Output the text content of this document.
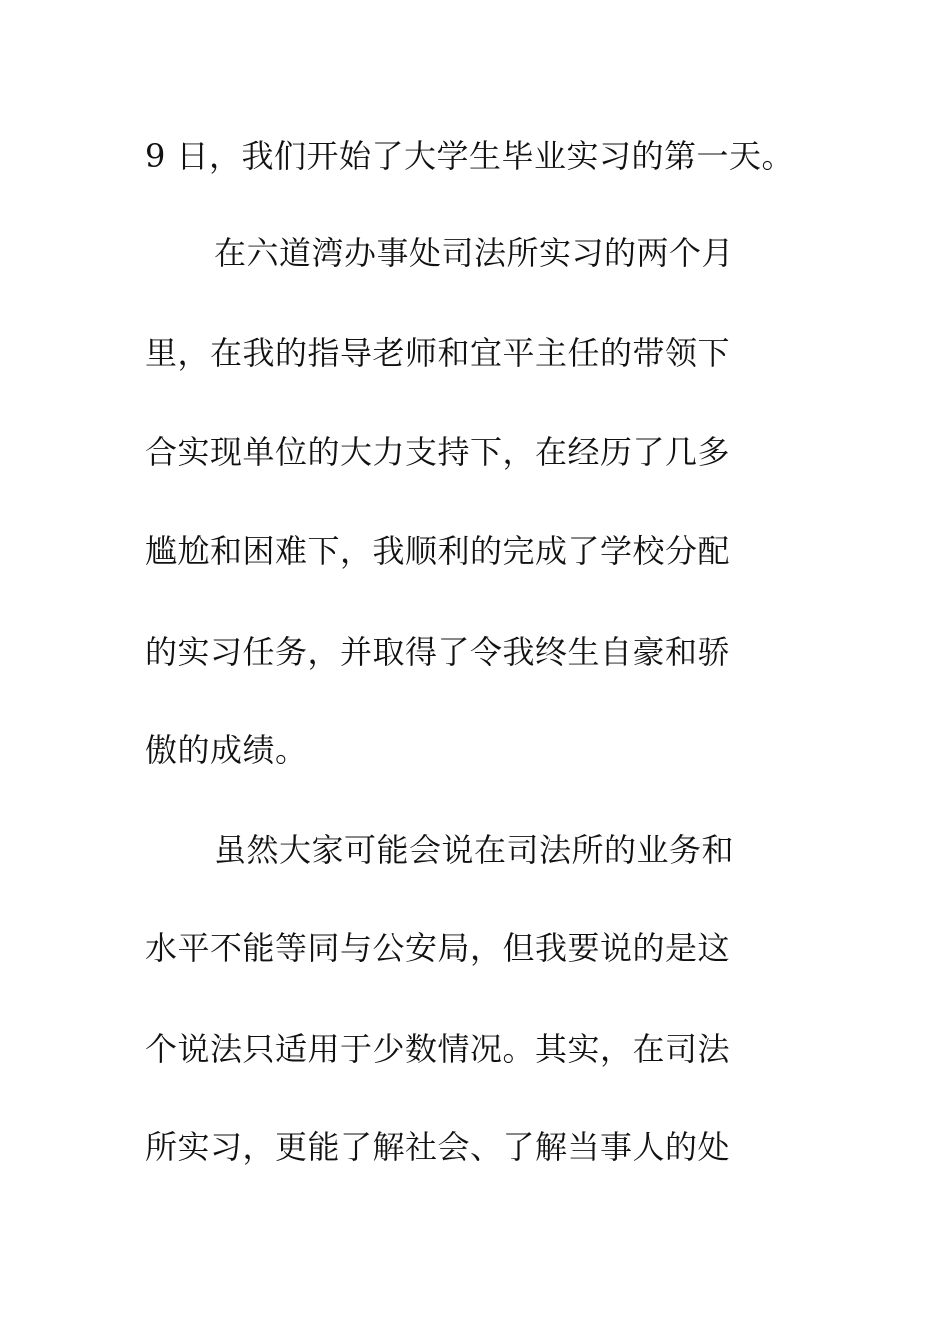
9 日，我们开始了大学生毕业实习的第一天。
在六道湾办事处司法所实习的两个月
里，在我的指导老师和宜平主任的带领下
合实现单位的大力支持下，在经历了几多
尴尬和困难下，我顺利的完成了学校分配
的实习任务，并取得了令我终生自豪和骄
傲的成绩。
虽然大家可能会说在司法所的业务和
水平不能等同与公安局，但我要说的是这
个说法只适用于少数情况。其实，在司法
所实习，更能了解社会、了解当事人的处
